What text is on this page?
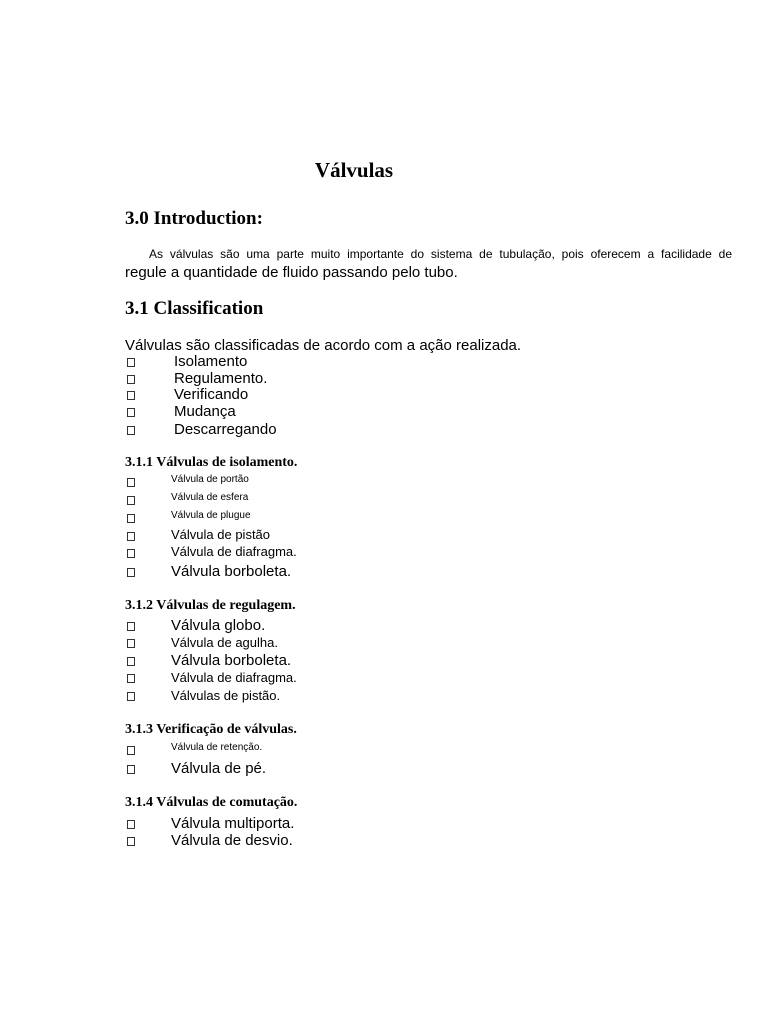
Válvulas
3.0 Introduction:
As válvulas são uma parte muito importante do sistema de tubulação, pois oferecem a facilidade de
regule a quantidade de fluido passando pelo tubo.
3.1 Classification
Válvulas são classificadas de acordo com a ação realizada.
Isolamento
Regulamento.
Verificando
Mudança
Descarregando
3.1.1 Válvulas de isolamento.
Válvula de portão
Válvula de esfera
Válvula de plugue
Válvula de pistão
Válvula de diafragma.
Válvula borboleta.
3.1.2 Válvulas de regulagem.
Válvula globo.
Válvula de agulha.
Válvula borboleta.
Válvula de diafragma.
Válvulas de pistão.
3.1.3 Verificação de válvulas.
Válvula de retenção.
Válvula de pé.
3.1.4 Válvulas de comutação.
Válvula multiporta.
Válvula de desvio.
